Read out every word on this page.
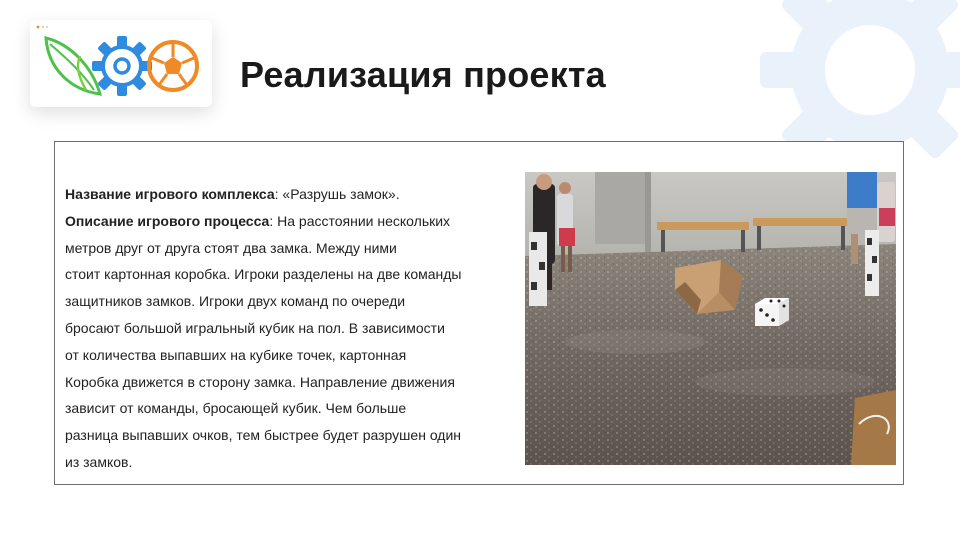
Реализация проекта

Название игрового комплекса: «Разрушь замок».

Описание игрового процесса: На расстоянии нескольких

метров друг от друга стоят два замка. Между ними

стоит картонная коробка. Игроки разделены на две команды

защитников замков. Игроки двух команд по очереди

бросают большой игральный кубик на пол. В зависимости

от количества выпавших на кубике точек, картонная

Коробка движется в сторону замка. Направление движения

зависит от команды, бросающей кубик. Чем больше

разница выпавших очков, тем быстрее будет разрушен один

из замков.
